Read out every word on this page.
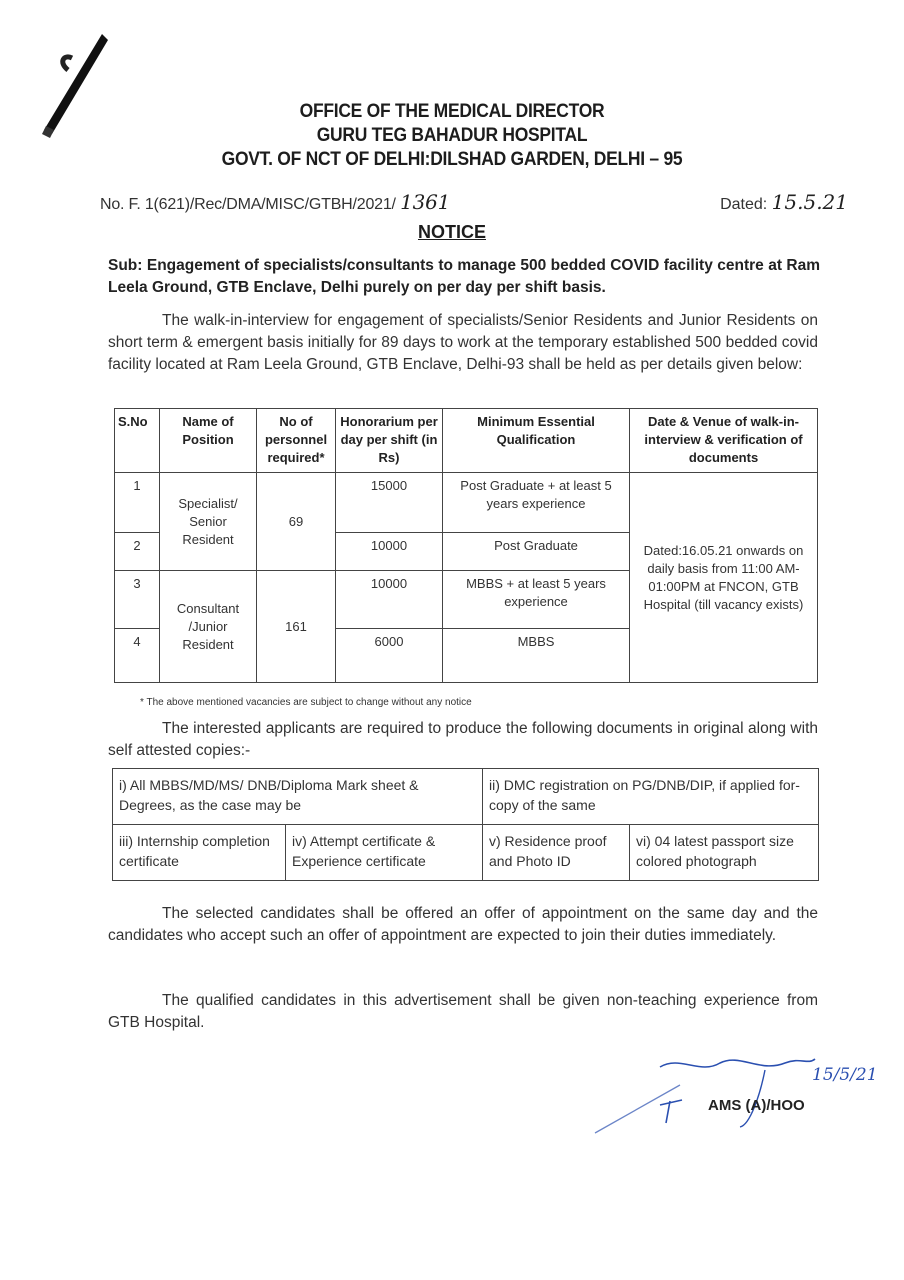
OFFICE OF THE MEDICAL DIRECTOR
GURU TEG BAHADUR HOSPITAL
GOVT. OF NCT OF DELHI:DILSHAD GARDEN, DELHI – 95
No. F. 1(621)/Rec/DMA/MISC/GTBH/2021/ 1361	Dated: 15.5.21
NOTICE
Sub: Engagement of specialists/consultants to manage 500 bedded COVID facility centre at Ram Leela Ground, GTB Enclave, Delhi purely on per day per shift basis.
The walk-in-interview for engagement of specialists/Senior Residents and Junior Residents on short term & emergent basis initially for 89 days to work at the temporary established 500 bedded covid facility located at Ram Leela Ground, GTB Enclave, Delhi-93 shall be held as per details given below:
S.No	Name of Position	No of personnel required*	Honorarium per day per shift (in Rs)	Minimum Essential Qualification	Date & Venue of walk-in-interview & verification of documents
1	Specialist/ Senior Resident	69	15000	Post Graduate + at least 5 years experience	Dated:16.05.21 onwards on daily basis from 11:00 AM-01:00PM at FNCON, GTB Hospital (till vacancy exists)
2			10000	Post Graduate	
3	Consultant /Junior Resident	161	10000	MBBS + at least 5 years experience	
4			6000	MBBS	
* The above mentioned vacancies are subject to change without any notice
The interested applicants are required to produce the following documents in original along with self attested copies:-
i) All MBBS/MD/MS/ DNB/Diploma Mark sheet & Degrees, as the case may be		ii) DMC registration on PG/DNB/DIP, if applied for-copy of the same	
iii) Internship completion certificate	iv) Attempt certificate & Experience certificate	v) Residence proof and Photo ID	vi) 04 latest passport size colored photograph
The selected candidates shall be offered an offer of appointment on the same day and the candidates who accept such an offer of appointment are expected to join their duties immediately.
The qualified candidates in this advertisement shall be given non-teaching experience from GTB Hospital.
15/5/21
AMS (A)/HOO
